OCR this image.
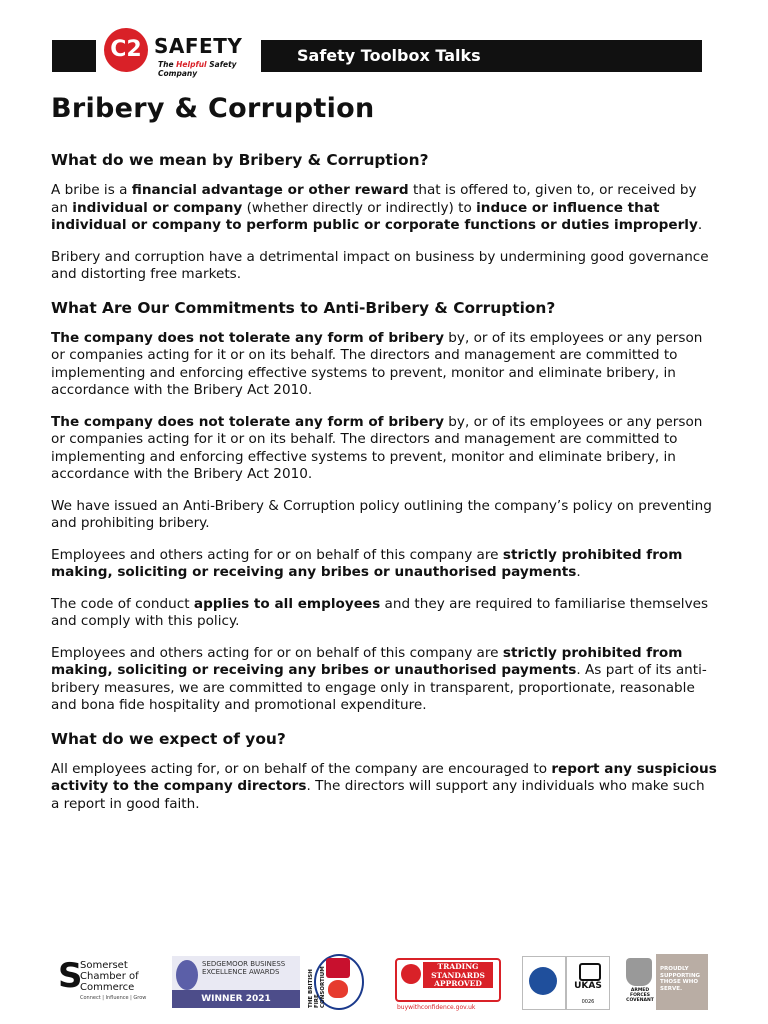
C2 SAFETY
The Helpful Safety Company
Safety Toolbox Talks
Bribery & Corruption
What do we mean by Bribery & Corruption?

A bribe is a financial advantage or other reward that is offered to, given to, or received by an individual or company (whether directly or indirectly) to induce or influence that individual or company to perform public or corporate functions or duties improperly.

Bribery and corruption have a detrimental impact on business by undermining good governance and distorting free markets.

What Are Our Commitments to Anti-Bribery & Corruption?

The company does not tolerate any form of bribery by, or of its employees or any person or companies acting for it or on its behalf. The directors and management are committed to implementing and enforcing effective systems to prevent, monitor and eliminate bribery, in accordance with the Bribery Act 2010.

The company does not tolerate any form of bribery by, or of its employees or any person or companies acting for it or on its behalf. The directors and management are committed to implementing and enforcing effective systems to prevent, monitor and eliminate bribery, in accordance with the Bribery Act 2010.

We have issued an Anti-Bribery & Corruption policy outlining the company’s policy on preventing and prohibiting bribery.

Employees and others acting for or on behalf of this company are strictly prohibited from making, soliciting or receiving any bribes or unauthorised payments.

The code of conduct applies to all employees and they are required to familiarise themselves and comply with this policy.

Employees and others acting for or on behalf of this company are strictly prohibited from making, soliciting or receiving any bribes or unauthorised payments. As part of its anti-bribery measures, we are committed to engage only in transparent, proportionate, reasonable and bona fide hospitality and promotional expenditure.

What do we expect of you?

All employees acting for, or on behalf of the company are encouraged to report any suspicious activity to the company directors. The directors will support any individuals who make such a report in good faith.

S
Somerset
Chamber of
Commerce
Connect | Influence | Grow
SEDGEMOOR BUSINESS EXCELLENCE AWARDS
WINNER 2021	THE BRITISH FIRE CONSORTIUM	TRADING STANDARDS APPROVED
buywithconfidence.gov.uk
UKAS
0026
ARMED FORCES COVENANT
PROUDLY SUPPORTING THOSE WHO SERVE.
